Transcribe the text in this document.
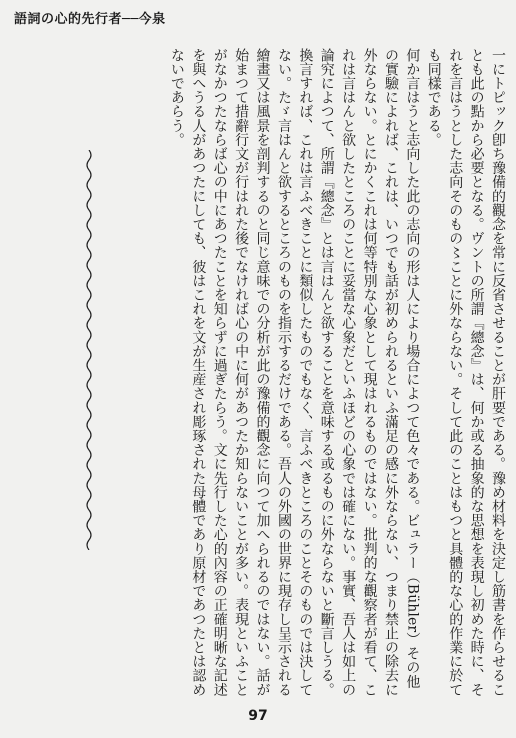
語詞の心的先行者──今泉

一にトピック卽ち豫備的觀念を常に反省させることが肝要である。豫め材料を決定し筋書を作らせることも此の點から必要となる。ヴントの所謂『總念』は、何か或る抽象的な思想を表現し初めた時に、それを言はうとした志向そのもの〻ことに外ならない。そして此のことはもつと具體的な心的作業に於ても同樣である。

何か言はうと志向した此の志向の形は人により場合によつて色々である。ビュラー（Bühler）その他の實驗によれば、これは、いつでも話が初められるといふ滿足の感に外ならない、つまり禁止の除去に外ならない。とにかくこれは何等特別な心象として現はれるものではない。批判的な觀察者が看て、これは言はんと欲したところのことに妥當な心象だといふほどの心象では確にない。事實、吾人は如上の論究によつて、所謂『總念』とは言はんと欲することを意味する或るものに外ならないと斷言しうる。換言すれば、これは言ふべきことに類似したものでもなく、言ふべきところのことそのものでは決してない。たゞ言はんと欲するところのものを指示するだけである。吾人の外國の世界に現存し呈示される繪畫又は風景を剖判するのと同じ意味での分析が此の豫備的觀念に向つて加へられるのではない。話が始まつて措辭行文が行はれた後でなければ心の中に何があつたか知らないことが多い。表現といふことがなかつたならば心の中にあつたことを知らずに過ぎたらう。文に先行した心的內容の正確明晰な記述を與へうる人があつたにしても、彼はこれを文が生産され彫琢された母體であり原材であつたとは認めないであらう。

97
